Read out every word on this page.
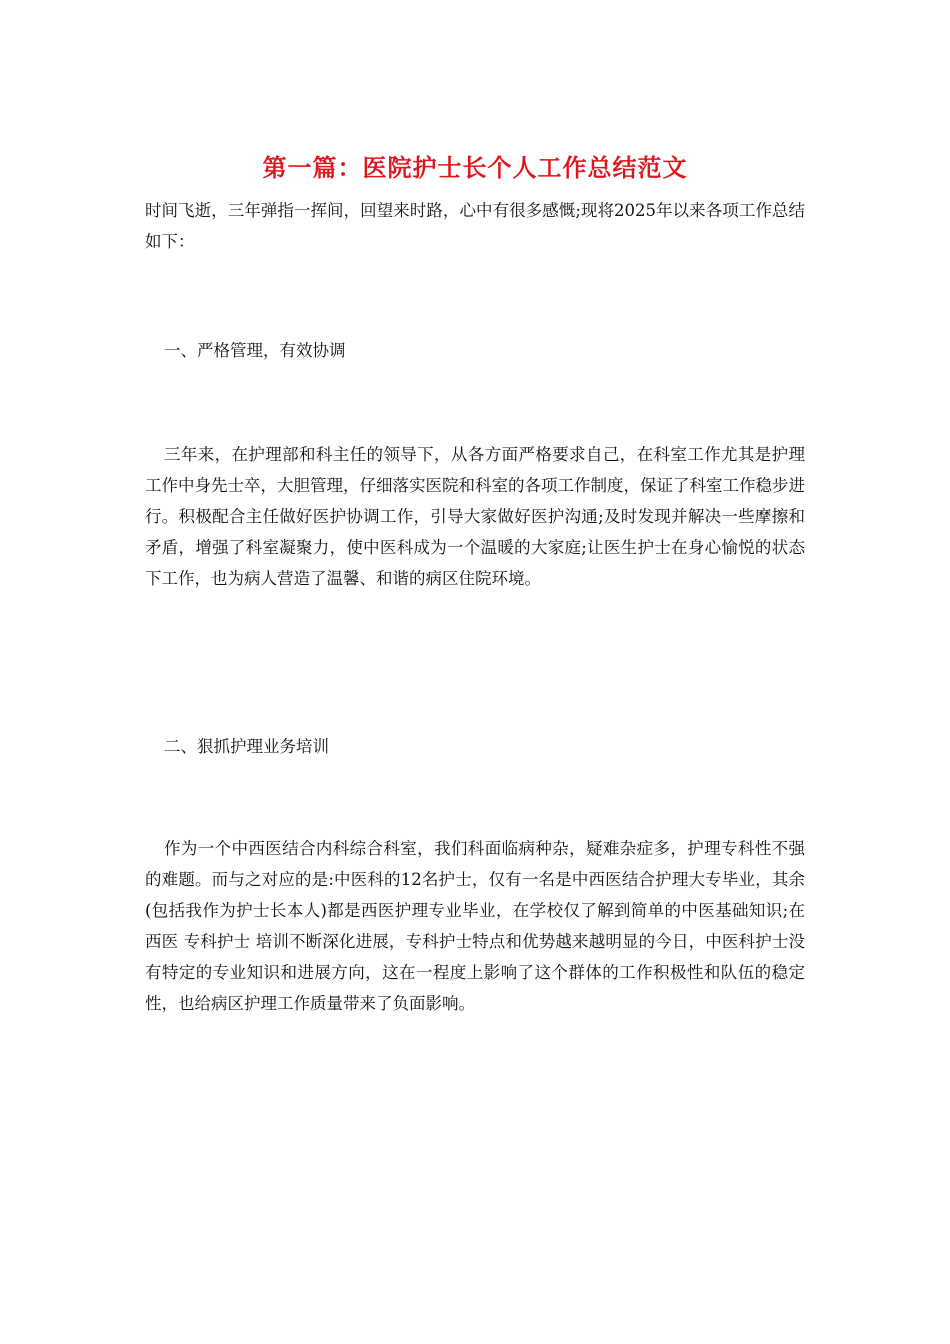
第一篇：医院护士长个人工作总结范文

时间飞逝，三年弹指一挥间，回望来时路，心中有很多感慨;现将2025年以来各项工作总结如下：

一、严格管理，有效协调

三年来，在护理部和科主任的领导下，从各方面严格要求自己，在科室工作尤其是护理工作中身先士卒，大胆管理，仔细落实医院和科室的各项工作制度，保证了科室工作稳步进行。积极配合主任做好医护协调工作，引导大家做好医护沟通;及时发现并解决一些摩擦和矛盾，增强了科室凝聚力，使中医科成为一个温暖的大家庭;让医生护士在身心愉悦的状态下工作，也为病人营造了温馨、和谐的病区住院环境。

二、狠抓护理业务培训

作为一个中西医结合内科综合科室，我们科面临病种杂，疑难杂症多，护理专科性不强的难题。而与之对应的是:中医科的12名护士，仅有一名是中西医结合护理大专毕业，其余(包括我作为护士长本人)都是西医护理专业毕业，在学校仅了解到简单的中医基础知识;在西医 专科护士 培训不断深化进展，专科护士特点和优势越来越明显的今日，中医科护士没有特定的专业知识和进展方向，这在一程度上影响了这个群体的工作积极性和队伍的稳定性，也给病区护理工作质量带来了负面影响。
